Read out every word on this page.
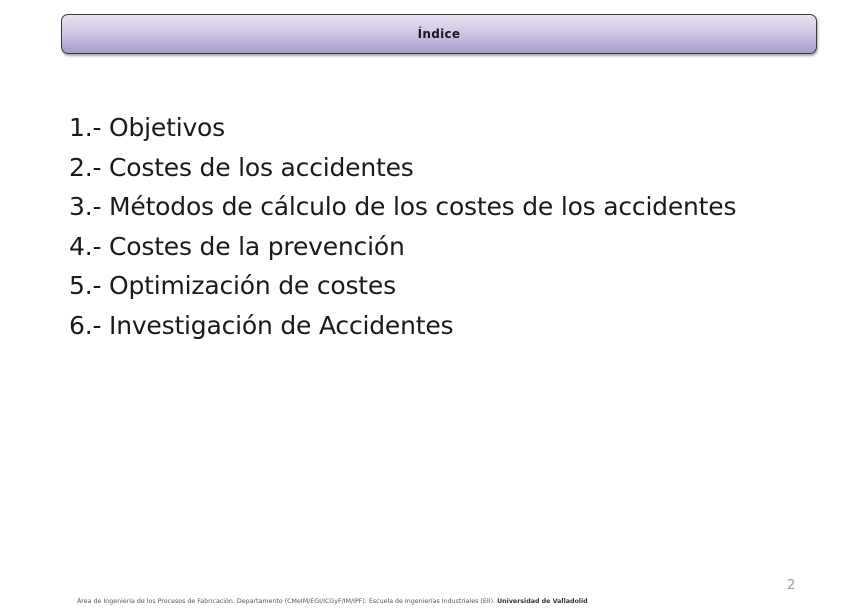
Índice
1.- Objetivos
2.- Costes de los accidentes
3.- Métodos de cálculo de los costes de los accidentes
4.- Costes de la prevención
5.- Optimización de costes
6.- Investigación de Accidentes
2
Área de Ingeniería de los Procesos de Fabricación. Departamento (CMeIM/EGI/ICGyF/IM/IPF). Escuela de Ingenierías Industriales (EII). Universidad de Valladolid
